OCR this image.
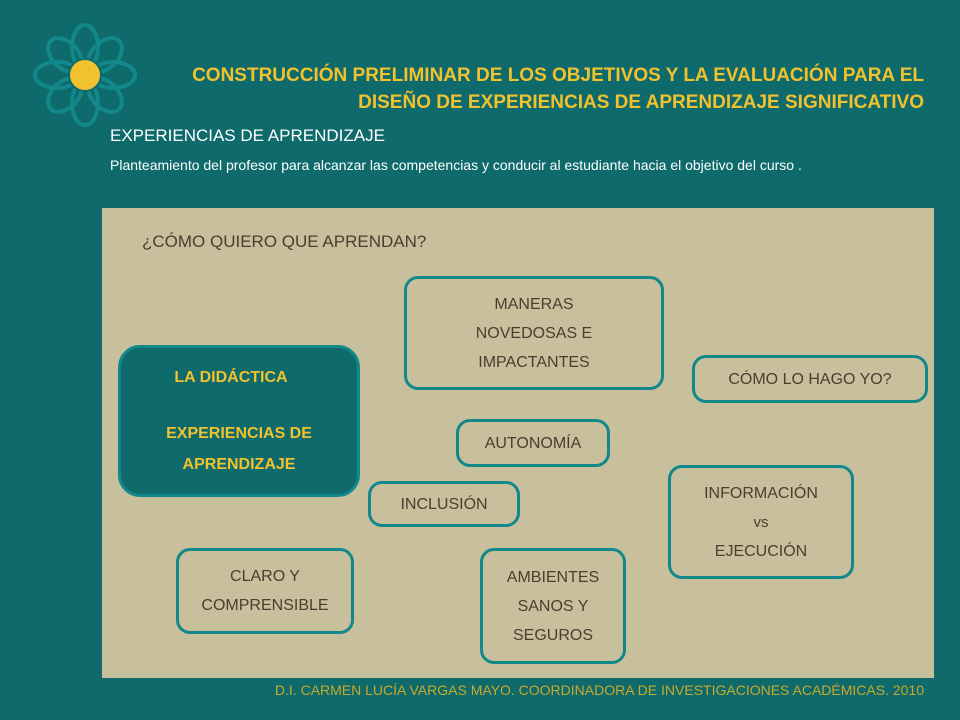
CONSTRUCCIÓN PRELIMINAR DE LOS OBJETIVOS Y LA EVALUACIÓN PARA EL
DISEÑO DE EXPERIENCIAS DE APRENDIZAJE SIGNIFICATIVO
EXPERIENCIAS DE APRENDIZAJE
Planteamiento del profesor para alcanzar las competencias y conducir al estudiante hacia el objetivo del curso .
¿CÓMO QUIERO QUE APRENDAN?
LA DIDÁCTICA
EXPERIENCIAS DE
APRENDIZAJE
MANERAS
NOVEDOSAS E
IMPACTANTES
CÓMO LO HAGO YO?
AUTONOMÍA
INCLUSIÓN
INFORMACIÓN
vs
EJECUCIÓN
CLARO Y
COMPRENSIBLE
AMBIENTES
SANOS Y
SEGUROS
D.I. CARMEN LUCÍA VARGAS MAYO. COORDINADORA DE INVESTIGACIONES ACADÉMICAS. 2010
